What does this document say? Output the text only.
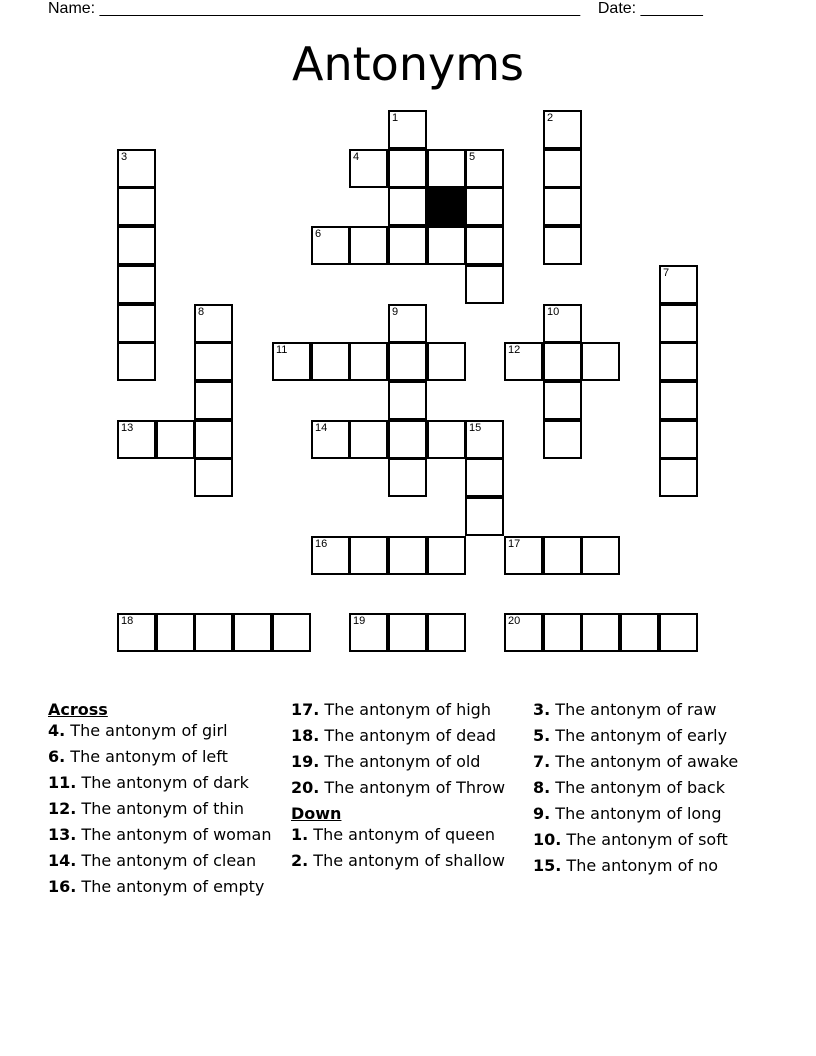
Name: ______________________________________________________ Date: _______
Antonyms
1	2
3	4	5
6
7
8	9	10
11	12
13	14	15
16	17
18	19	20
Across
4. The antonym of girl
6. The antonym of left
11. The antonym of dark
12. The antonym of thin
13. The antonym of woman
14. The antonym of clean
16. The antonym of empty
17. The antonym of high
18. The antonym of dead
19. The antonym of old
20. The antonym of Throw
Down
1. The antonym of queen
2. The antonym of shallow
3. The antonym of raw
5. The antonym of early
7. The antonym of awake
8. The antonym of back
9. The antonym of long
10. The antonym of soft
15. The antonym of no
